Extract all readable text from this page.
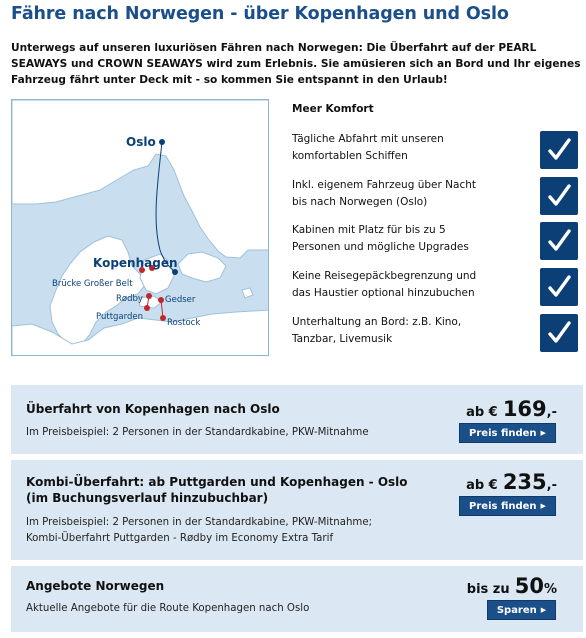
Fähre nach Norwegen - über Kopenhagen und Oslo
Unterwegs auf unseren luxuriösen Fähren nach Norwegen: Die Überfahrt auf der PEARL SEAWAYS und CROWN SEAWAYS wird zum Erlebnis. Sie amüsieren sich an Bord und Ihr eigenes Fahrzeug fährt unter Deck mit - so kommen Sie entspannt in den Urlaub!
Oslo
Kopenhagen
Brücke Großer Belt
Rødby	Gedser
Puttgarden
Rostock
Meer Komfort
Tägliche Abfahrt mit unseren
komfortablen Schiffen
Inkl. eigenem Fahrzeug über Nacht
bis nach Norwegen (Oslo)
Kabinen mit Platz für bis zu 5
Personen und mögliche Upgrades
Keine Reisegepäckbegrenzung und
das Haustier optional hinzubuchen
Unterhaltung an Bord: z.B. Kino,
Tanzbar, Livemusik
Überfahrt von Kopenhagen nach Oslo
Im Preisbeispiel: 2 Personen in der Standardkabine, PKW-Mitnahme
ab € 169,-
Preis finden ▶
Kombi-Überfahrt: ab Puttgarden und Kopenhagen - Oslo
(im Buchungsverlauf hinzubuchbar)
Im Preisbeispiel: 2 Personen in der Standardkabine, PKW-Mitnahme;
Kombi-Überfahrt Puttgarden - Rødby im Economy Extra Tarif
ab € 235,-
Preis finden ▶
Angebote Norwegen
Aktuelle Angebote für die Route Kopenhagen nach Oslo
bis zu 50%
Sparen ▶
